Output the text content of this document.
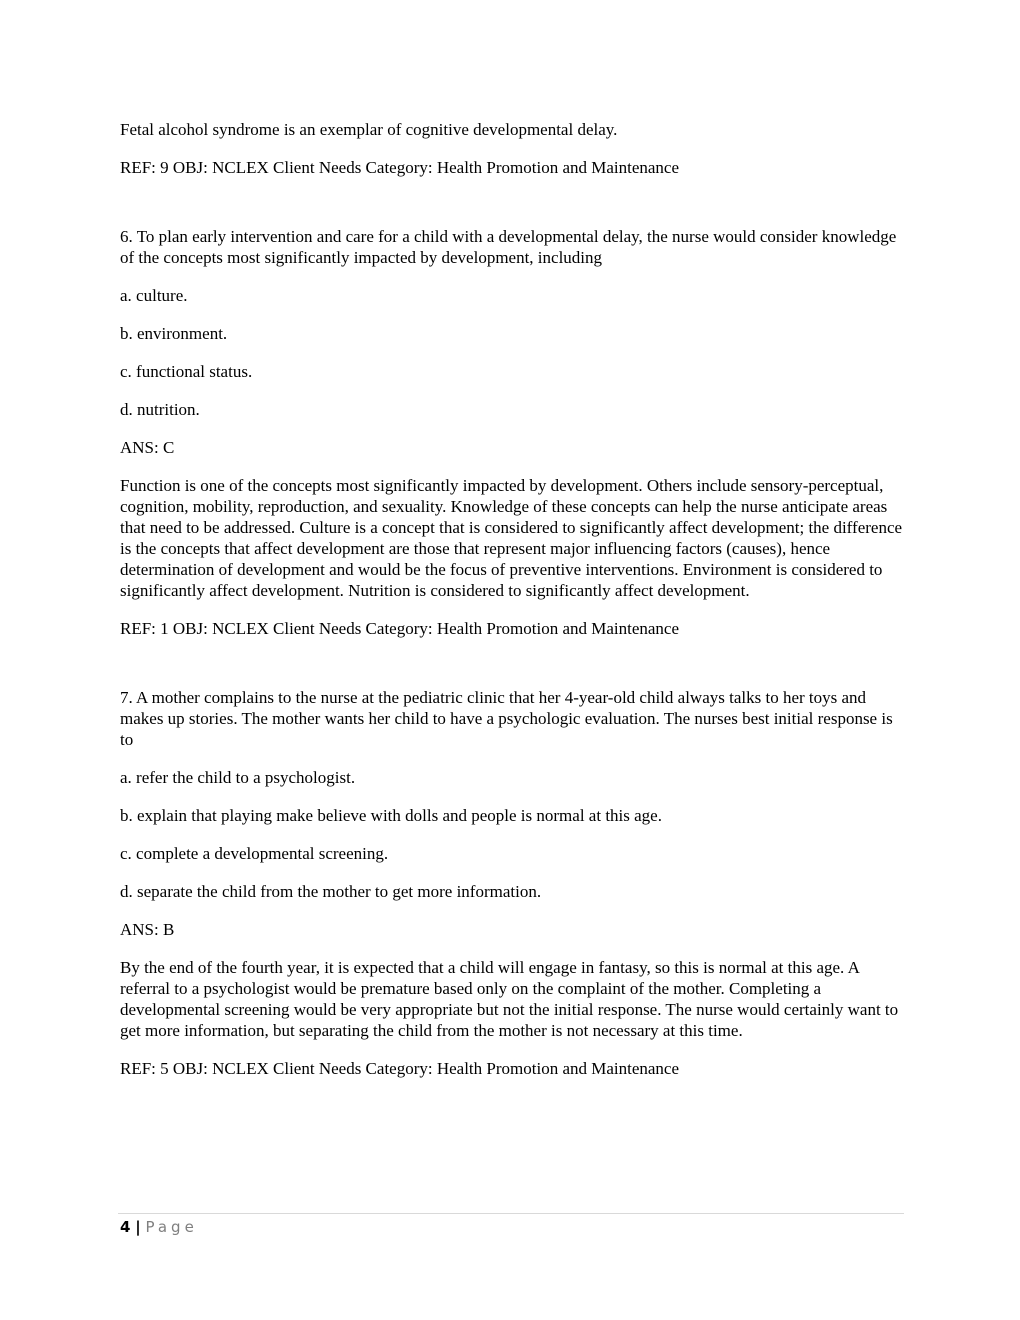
Fetal alcohol syndrome is an exemplar of cognitive developmental delay.

REF: 9 OBJ: NCLEX Client Needs Category: Health Promotion and Maintenance

6. To plan early intervention and care for a child with a developmental delay, the nurse would consider knowledge of the concepts most significantly impacted by development, including

a. culture.

b. environment.

c. functional status.

d. nutrition.

ANS: C

Function is one of the concepts most significantly impacted by development. Others include sensory-perceptual, cognition, mobility, reproduction, and sexuality. Knowledge of these concepts can help the nurse anticipate areas that need to be addressed. Culture is a concept that is considered to significantly affect development; the difference is the concepts that affect development are those that represent major influencing factors (causes), hence determination of development and would be the focus of preventive interventions. Environment is considered to significantly affect development. Nutrition is considered to significantly affect development.

REF: 1 OBJ: NCLEX Client Needs Category: Health Promotion and Maintenance

7. A mother complains to the nurse at the pediatric clinic that her 4-year-old child always talks to her toys and makes up stories. The mother wants her child to have a psychologic evaluation. The nurses best initial response is to

a. refer the child to a psychologist.

b. explain that playing make believe with dolls and people is normal at this age.

c. complete a developmental screening.

d. separate the child from the mother to get more information.

ANS: B

By the end of the fourth year, it is expected that a child will engage in fantasy, so this is normal at this age. A referral to a psychologist would be premature based only on the complaint of the mother. Completing a developmental screening would be very appropriate but not the initial response. The nurse would certainly want to get more information, but separating the child from the mother is not necessary at this time.

REF: 5 OBJ: NCLEX Client Needs Category: Health Promotion and Maintenance

4 | Page
